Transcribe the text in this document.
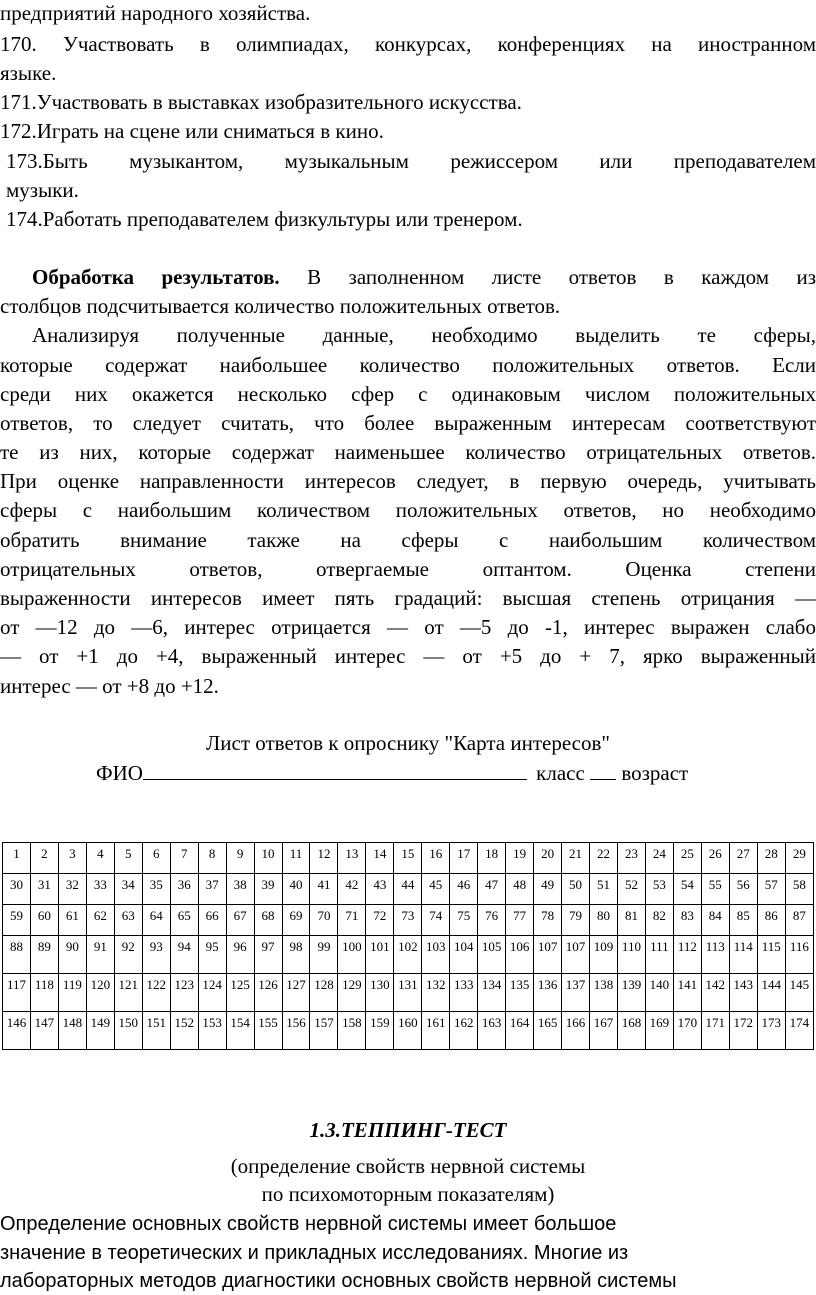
предприятий народного хозяйства.
170. Участвовать в олимпиадах, конкурсах, конференциях на иностранном
языке.
171.Участвовать в выставках изобразительного искусства.
172.Играть на сцене или сниматься в кино.
173.Быть музыкантом, музыкальным режиссером или преподавателем
музыки.
174.Работать преподавателем физкультуры или тренером.
Обработка результатов. В заполненном листе ответов в каждом из
столбцов подсчитывается количество положительных ответов.
Анализируя полученные данные, необходимо выделить те сферы,
которые содержат наибольшее количество положительных ответов. Если
среди них окажется несколько сфер с одинаковым числом положительных
ответов, то следует считать, что более выраженным интересам соответствуют
те из них, которые содержат наименьшее количество отрицательных ответов.
При оценке направленности интересов следует, в первую очередь, учитывать
сферы с наибольшим количеством положительных ответов, но необходимо
обратить внимание также на сферы с наибольшим количеством
отрицательных ответов, отвергаемые оптантом. Оценка степени
выраженности интересов имеет пять градаций: высшая степень отрицания —
от —12 до —6, интерес отрицается — от —5 до -1, интерес выражен слабо
— от +1 до +4, выраженный интерес — от +5 до + 7, ярко выраженный
интерес — от +8 до +12.
Лист ответов к опроснику "Карта интересов"
ФИО	класс возраст
1	2	3	4	5	6	7	8	9	10	11	12	13	14	15	16	17	18	19	20	21	22	23	24	25	26	27	28	29
30	31	32	33	34	35	36	37	38	39	40	41	42	43	44	45	46	47	48	49	50	51	52	53	54	55	56	57	58
59	60	61	62	63	64	65	66	67	68	69	70	71	72	73	74	75	76	77	78	79	80	81	82	83	84	85	86	87
88	89	90	91	92	93	94	95	96	97	98	99	100	101	102	103	104	105	106	107	107	109	110	111	112	113	114	115	116
117	118	119	120	121	122	123	124	125	126	127	128	129	130	131	132	133	134	135	136	137	138	139	140	141	142	143	144	145
146	147	148	149	150	151	152	153	154	155	156	157	158	159	160	161	162	163	164	165	166	167	168	169	170	171	172	173	174
1.3.ТЕППИНГ-ТЕСТ
(определение свойств нервной системы
по психомоторным показателям)
Определение основных свойств нервной системы имеет большое
значение в теоретических и прикладных исследованиях. Многие из
лабораторных методов диагностики основных свойств нервной системы
